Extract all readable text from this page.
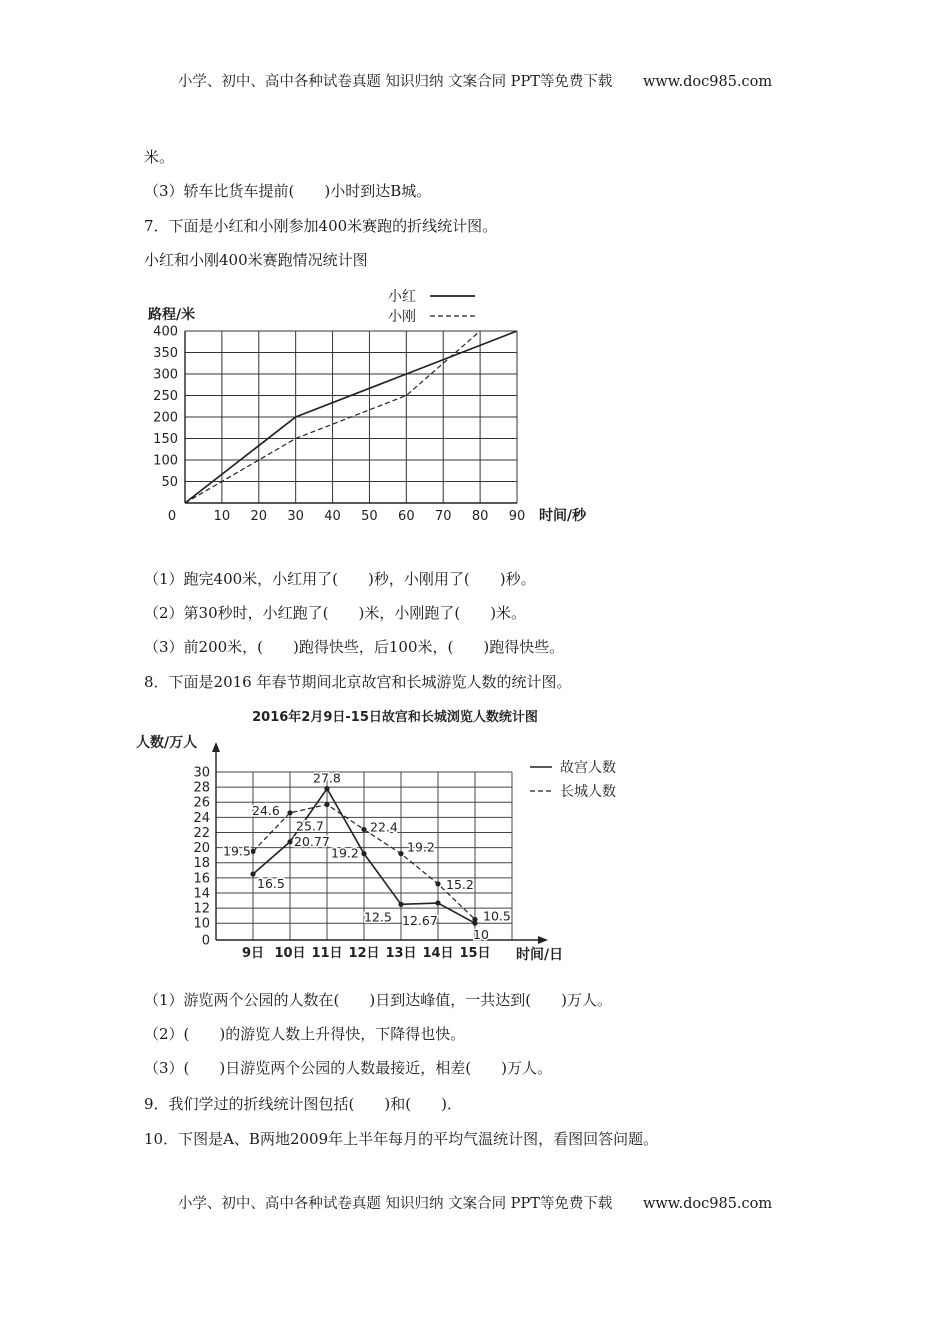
小学、初中、高中各种试卷真题 知识归纳 文案合同 PPT等免费下载 www.doc985.com
米。
（3）轿车比货车提前(　　)小时到达B城。
7．下面是小红和小刚参加400米赛跑的折线统计图。
小红和小刚400米赛跑情况统计图
0	10 20 30 40 50 60 70 80 90
50
100
150
200
250
300
350
400
路程/米
时间/秒
小红
小刚
（1）跑完400米，小红用了(　　)秒，小刚用了(　　)秒。
（2）第30秒时，小红跑了(　　)米，小刚跑了(　　)米。
（3）前200米，(　　)跑得快些，后100米，(　　)跑得快些。
8．下面是2016 年春节期间北京故宫和长城游览人数的统计图。
2016年2月9日-15日故宫和长城浏览人数统计图
人数/万人
时间/日
0
10
12
14
16
18
20
22
24
26
28
30
9日 10日 11日 12日 13日 14日 15日
16.5
20.77
27.8
19.2
12.5 12.67
10
19.5
24.6
25.7	22.4
19.2
15.2
10.5
故宫人数
长城人数
（1）游览两个公园的人数在(　　)日到达峰值，一共达到(　　)万人。
（2）(　　)的游览人数上升得快，下降得也快。
（3）(　　)日游览两个公园的人数最接近，相差(　　)万人。
9．我们学过的折线统计图包括(　　)和(　　)．
10．下图是A、B两地2009年上半年每月的平均气温统计图，看图回答问题。
小学、初中、高中各种试卷真题 知识归纳 文案合同 PPT等免费下载 www.doc985.com
